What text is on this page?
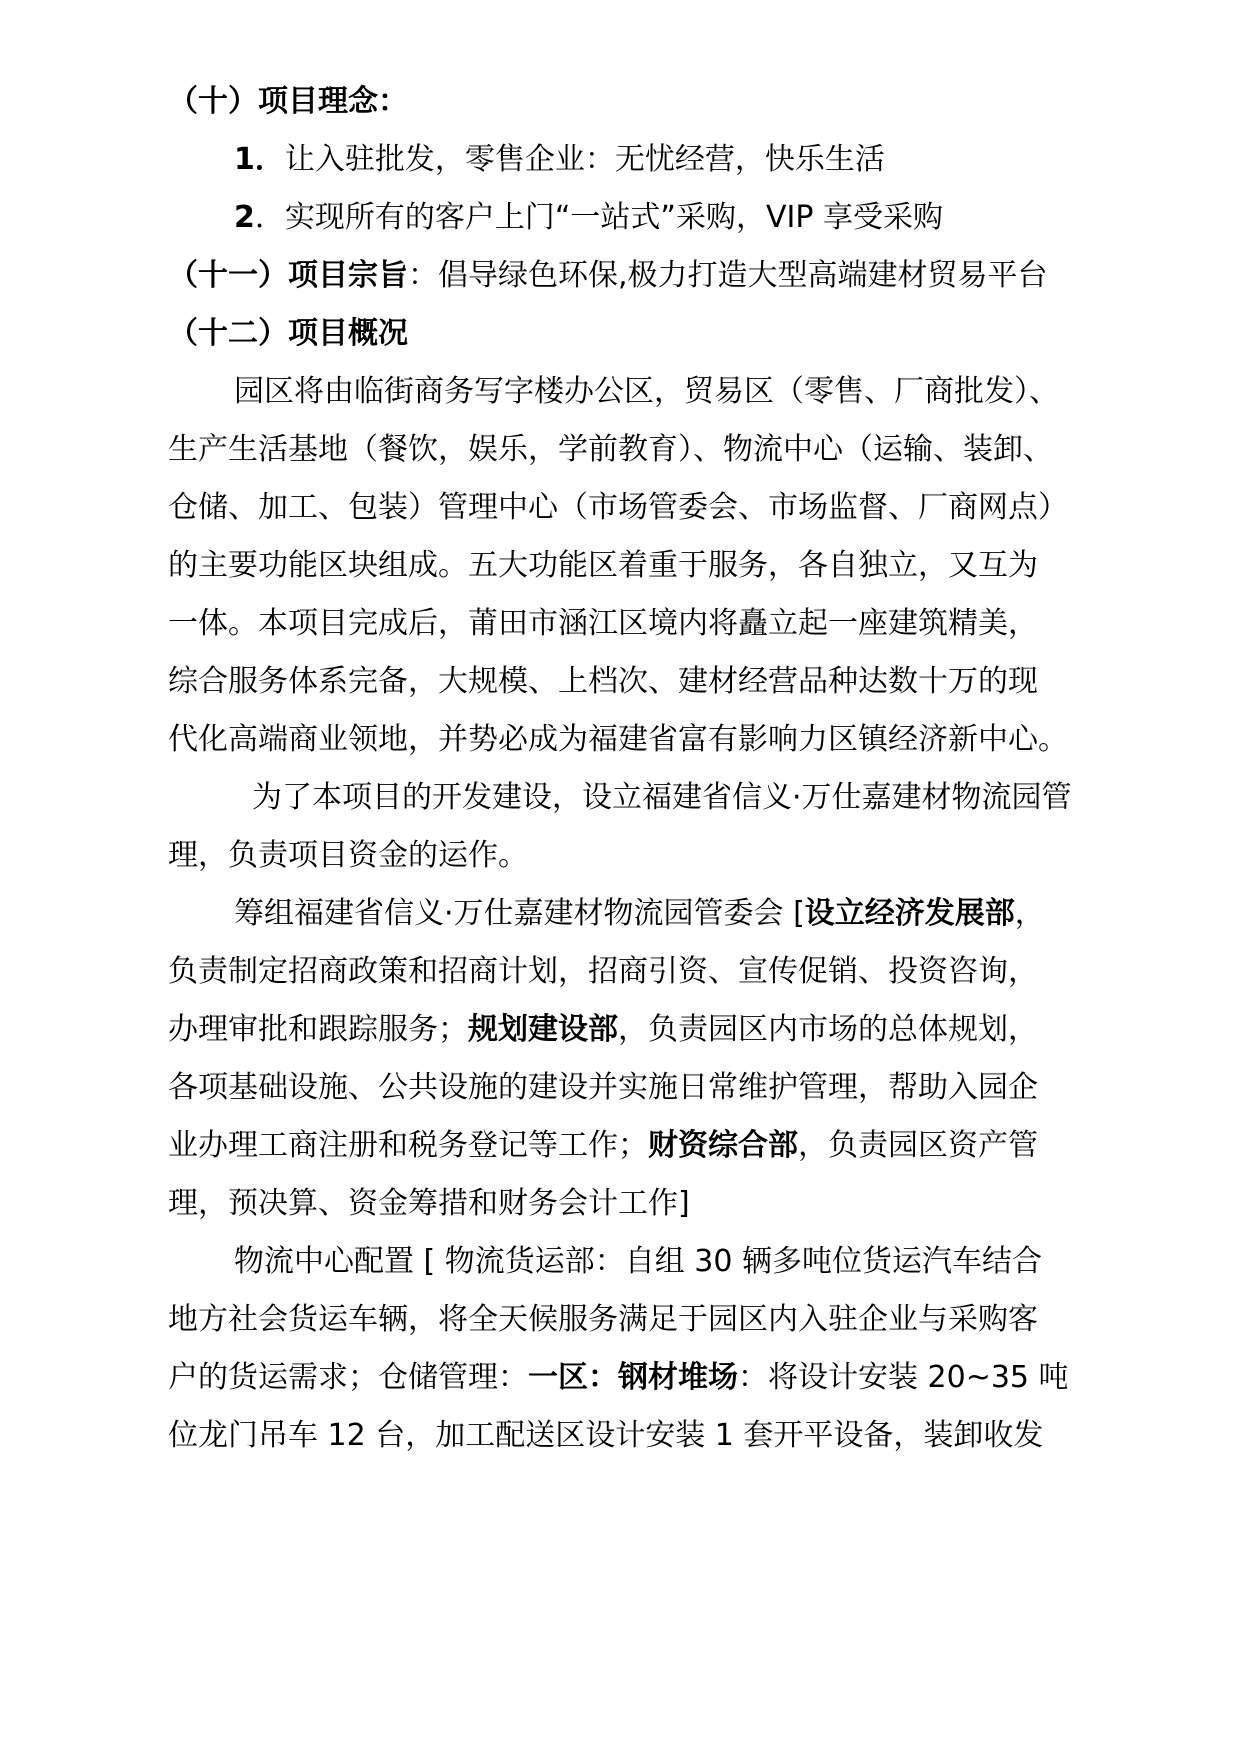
（十）项目理念：
1．让入驻批发，零售企业：无忧经营，快乐生活
2．实现所有的客户上门“一站式”采购，VIP 享受采购
（十一）项目宗旨：倡导绿色环保,极力打造大型高端建材贸易平台
（十二）项目概况
园区将由临街商务写字楼办公区，贸易区（零售、厂商批发）、
生产生活基地（餐饮，娱乐，学前教育）、物流中心（运输、装卸、
仓储、加工、包装）管理中心（市场管委会、市场监督、厂商网点）
的主要功能区块组成。五大功能区着重于服务，各自独立，又互为
一体。本项目完成后，莆田市涵江区境内将矗立起一座建筑精美，
综合服务体系完备，大规模、上档次、建材经营品种达数十万的现
代化高端商业领地，并势必成为福建省富有影响力区镇经济新中心。
为了本项目的开发建设，设立福建省信义·万仕嘉建材物流园管
理，负责项目资金的运作。
筹组福建省信义·万仕嘉建材物流园管委会 [设立经济发展部，
负责制定招商政策和招商计划，招商引资、宣传促销、投资咨询，
办理审批和跟踪服务；规划建设部，负责园区内市场的总体规划，
各项基础设施、公共设施的建设并实施日常维护管理，帮助入园企
业办理工商注册和税务登记等工作；财资综合部，负责园区资产管
理，预决算、资金筹措和财务会计工作]
物流中心配置 [ 物流货运部：自组 30 辆多吨位货运汽车结合
地方社会货运车辆，将全天候服务满足于园区内入驻企业与采购客
户的货运需求；仓储管理：一区：钢材堆场：将设计安装 20~35 吨
位龙门吊车 12 台，加工配送区设计安装 1 套开平设备，装卸收发
